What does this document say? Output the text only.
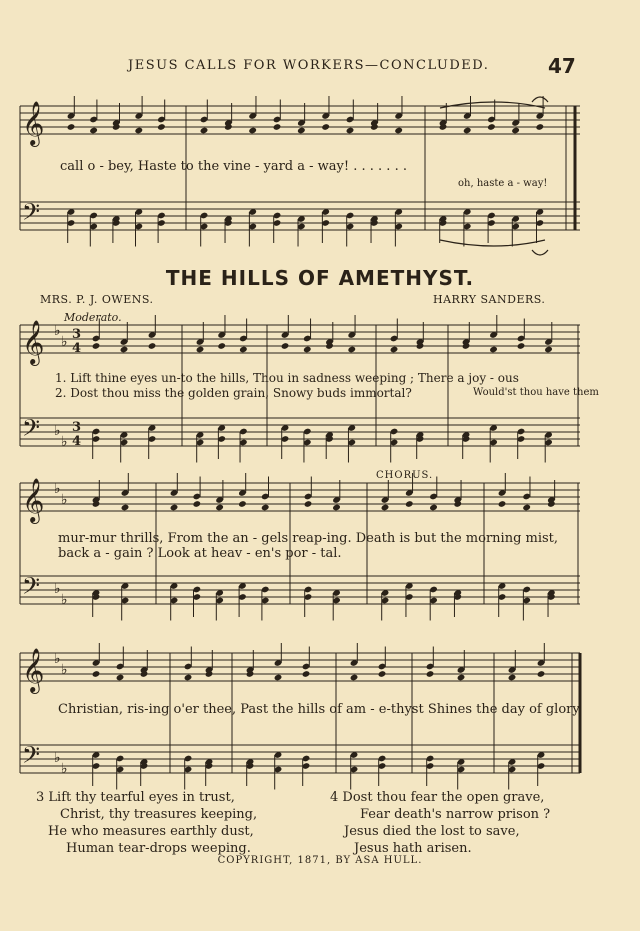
JESUS CALLS FOR WORKERS—CONCLUDED.	47
call o - bey, Haste to the vine - yard a - way! . . . . . . .
oh, haste a - way!
THE HILLS OF AMETHYST.
MRS. P. J. OWENS.	HARRY SANDERS.
Moderato.
1. Lift thine eyes un-to the hills, Thou in sadness weeping ; There a joy - ous
2. Dost thou miss the golden grain, Snowy buds immortal?	Would'st thou have them
CHORUS.
mur-mur thrills, From the an - gels reap-ing. Death is but the morning mist,
back a - gain ? Look at heav - en's por - tal.
Christian, ris-ing o'er thee, Past the hills of am - e-thyst Shines the day of glory.
3 Lift thy tearful eyes in trust,
Christ, thy treasures keeping,
He who measures earthly dust,
Human tear-drops weeping.
4 Dost thou fear the open grave,
Fear death's narrow prison ?
Jesus died the lost to save,
Jesus hath arisen.
COPYRIGHT, 1871, BY ASA HULL.
𝄞
𝄢
𝄞 ♭
♭ 3
4
𝄢 ♭
♭
3
4
𝄞 ♭
♭
𝄢 ♭
♭
𝄞 ♭
♭
𝄢 ♭
♭
